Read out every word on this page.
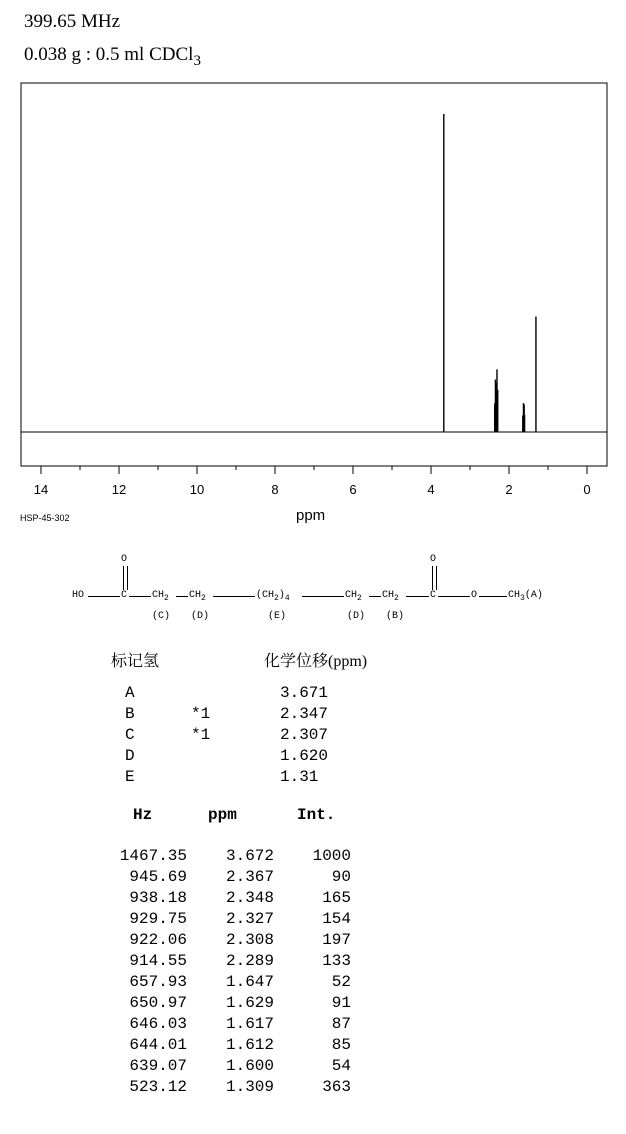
399.65 MHz
0.038 g : 0.5 ml CDCl$_3$
14	12	10	8	6	4	2	0
ppm
HSP-45-302
O	O
HO	C $CH_2$ $CH_2$	$(CH_2)_4$	$CH_2$ $CH_2$	C	O	$CH_3(A)$
(C) (D)	(E)	(D) (B)
标记氢	化学位移(ppm)
A	3.671
B	*1	2.347
C	*1	2.307
D	1.620
E	1.31
Hz	ppm	Int.
1467.35 3.672 1000
945.69 2.367	90
938.18 2.348	165
929.75 2.327	154
922.06 2.308	197
914.55 2.289	133
657.93 1.647	52
650.97 1.629	91
646.03 1.617	87
644.01 1.612	85
639.07 1.600	54
523.12 1.309	363
